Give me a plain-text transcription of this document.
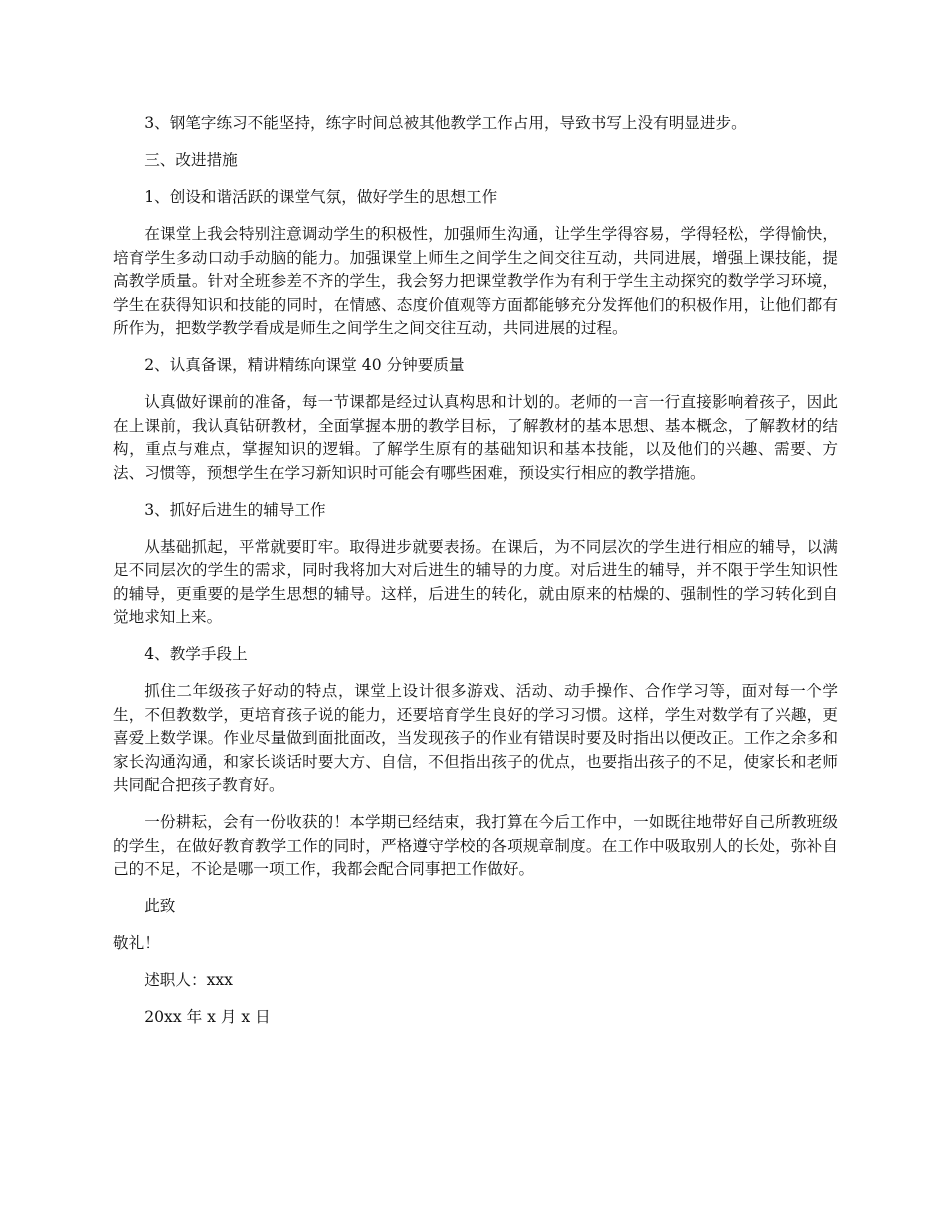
3、钢笔字练习不能坚持，练字时间总被其他教学工作占用，导致书写上没有明显进步。

三、改进措施

1、创设和谐活跃的课堂气氛，做好学生的思想工作

在课堂上我会特别注意调动学生的积极性，加强师生沟通，让学生学得容易，学得轻松，学得愉快，培育学生多动口动手动脑的能力。加强课堂上师生之间学生之间交往互动，共同进展，增强上课技能，提高教学质量。针对全班参差不齐的学生，我会努力把课堂教学作为有利于学生主动探究的数学学习环境，学生在获得知识和技能的同时，在情感、态度价值观等方面都能够充分发挥他们的积极作用，让他们都有所作为，把数学教学看成是师生之间学生之间交往互动，共同进展的过程。

2、认真备课，精讲精练向课堂 40 分钟要质量

认真做好课前的准备，每一节课都是经过认真构思和计划的。老师的一言一行直接影响着孩子，因此在上课前，我认真钻研教材，全面掌握本册的教学目标，了解教材的基本思想、基本概念，了解教材的结构，重点与难点，掌握知识的逻辑。了解学生原有的基础知识和基本技能，以及他们的兴趣、需要、方法、习惯等，预想学生在学习新知识时可能会有哪些困难，预设实行相应的教学措施。

3、抓好后进生的辅导工作

从基础抓起，平常就要盯牢。取得进步就要表扬。在课后，为不同层次的学生进行相应的辅导，以满足不同层次的学生的需求，同时我将加大对后进生的辅导的力度。对后进生的辅导，并不限于学生知识性的辅导，更重要的是学生思想的辅导。这样，后进生的转化，就由原来的枯燥的、强制性的学习转化到自觉地求知上来。

4、教学手段上

抓住二年级孩子好动的特点，课堂上设计很多游戏、活动、动手操作、合作学习等，面对每一个学生，不但教数学，更培育孩子说的能力，还要培育学生良好的学习习惯。这样，学生对数学有了兴趣，更喜爱上数学课。作业尽量做到面批面改，当发现孩子的作业有错误时要及时指出以便改正。工作之余多和家长沟通沟通，和家长谈话时要大方、自信，不但指出孩子的优点，也要指出孩子的不足，使家长和老师共同配合把孩子教育好。

一份耕耘，会有一份收获的！本学期已经结束，我打算在今后工作中，一如既往地带好自己所教班级的学生，在做好教育教学工作的同时，严格遵守学校的各项规章制度。在工作中吸取别人的长处，弥补自己的不足，不论是哪一项工作，我都会配合同事把工作做好。

此致

敬礼！

述职人：xxx

20xx 年 x 月 x 日
